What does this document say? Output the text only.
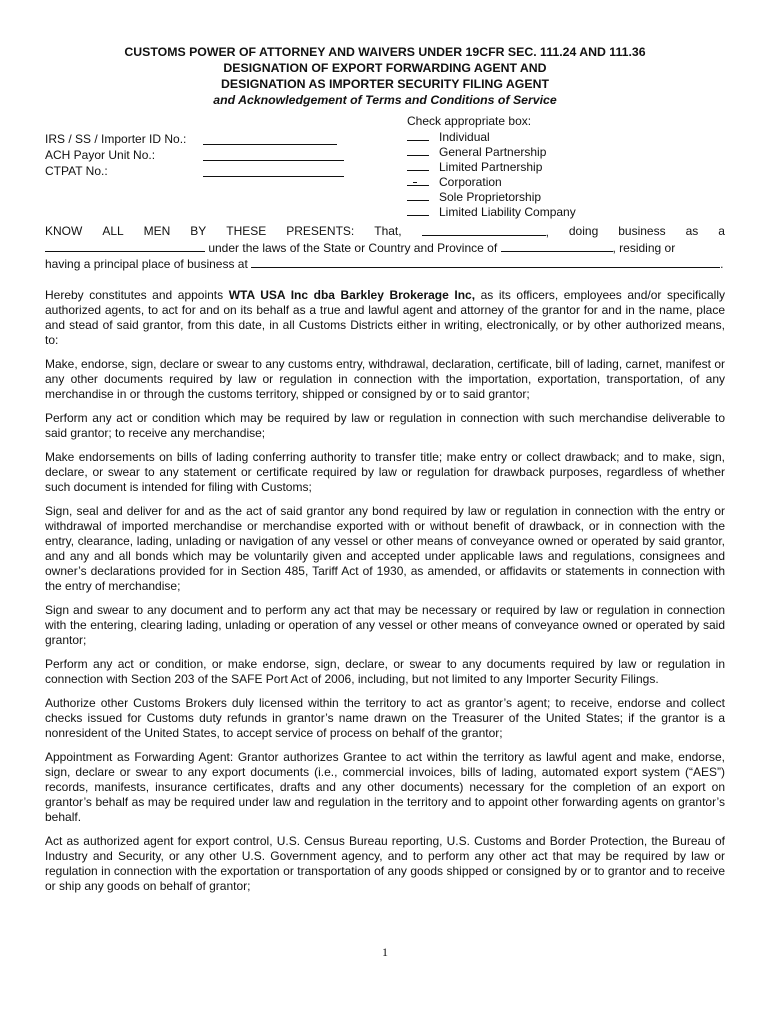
CUSTOMS POWER OF ATTORNEY AND WAIVERS UNDER 19CFR SEC. 111.24 AND 111.36

DESIGNATION OF EXPORT FORWARDING AGENT AND

DESIGNATION AS IMPORTER SECURITY FILING AGENT

and Acknowledgement of Terms and Conditions of Service

IRS / SS / Importer ID No.:
ACH Payor Unit No.:
CTPAT No.:
Check appropriate box:
Individual
General Partnership
Limited Partnership
Corporation
Sole Proprietorship
Limited Liability Company
KNOW ALL MEN BY THESE PRESENTS: That,	, doing business as a
under the laws of the State or Country and Province of	, residing or
having a principal place of business at	.

Hereby constitutes and appoints WTA USA Inc dba Barkley Brokerage Inc, as its officers, employees and/or specifically authorized agents, to act for and on its behalf as a true and lawful agent and attorney of the grantor for and in the name, place and stead of said grantor, from this date, in all Customs Districts either in writing, electronically, or by other authorized means, to:

Make, endorse, sign, declare or swear to any customs entry, withdrawal, declaration, certificate, bill of lading, carnet, manifest or any other documents required by law or regulation in connection with the importation, exportation, transportation, of any merchandise in or through the customs territory, shipped or consigned by or to said grantor;

Perform any act or condition which may be required by law or regulation in connection with such merchandise deliverable to said grantor; to receive any merchandise;

Make endorsements on bills of lading conferring authority to transfer title; make entry or collect drawback; and to make, sign, declare, or swear to any statement or certificate required by law or regulation for drawback purposes, regardless of whether such document is intended for filing with Customs;

Sign, seal and deliver for and as the act of said grantor any bond required by law or regulation in connection with the entry or withdrawal of imported merchandise or merchandise exported with or without benefit of drawback, or in connection with the entry, clearance, lading, unlading or navigation of any vessel or other means of conveyance owned or operated by said grantor, and any and all bonds which may be voluntarily given and accepted under applicable laws and regulations, consignees and owner’s declarations provided for in Section 485, Tariff Act of 1930, as amended, or affidavits or statements in connection with the entry of merchandise;

Sign and swear to any document and to perform any act that may be necessary or required by law or regulation in connection with the entering, clearing lading, unlading or operation of any vessel or other means of conveyance owned or operated by said grantor;

Perform any act or condition, or make endorse, sign, declare, or swear to any documents required by law or regulation in connection with Section 203 of the SAFE Port Act of 2006, including, but not limited to any Importer Security Filings.

Authorize other Customs Brokers duly licensed within the territory to act as grantor’s agent; to receive, endorse and collect checks issued for Customs duty refunds in grantor’s name drawn on the Treasurer of the United States; if the grantor is a nonresident of the United States, to accept service of process on behalf of the grantor;

Appointment as Forwarding Agent: Grantor authorizes Grantee to act within the territory as lawful agent and make, endorse, sign, declare or swear to any export documents (i.e., commercial invoices, bills of lading, automated export system (“AES”) records, manifests, insurance certificates, drafts and any other documents) necessary for the completion of an export on grantor’s behalf as may be required under law and regulation in the territory and to appoint other forwarding agents on grantor’s behalf.

Act as authorized agent for export control, U.S. Census Bureau reporting, U.S. Customs and Border Protection, the Bureau of Industry and Security, or any other U.S. Government agency, and to perform any other act that may be required by law or regulation in connection with the exportation or transportation of any goods shipped or consigned by or to grantor and to receive or ship any goods on behalf of grantor;

1
